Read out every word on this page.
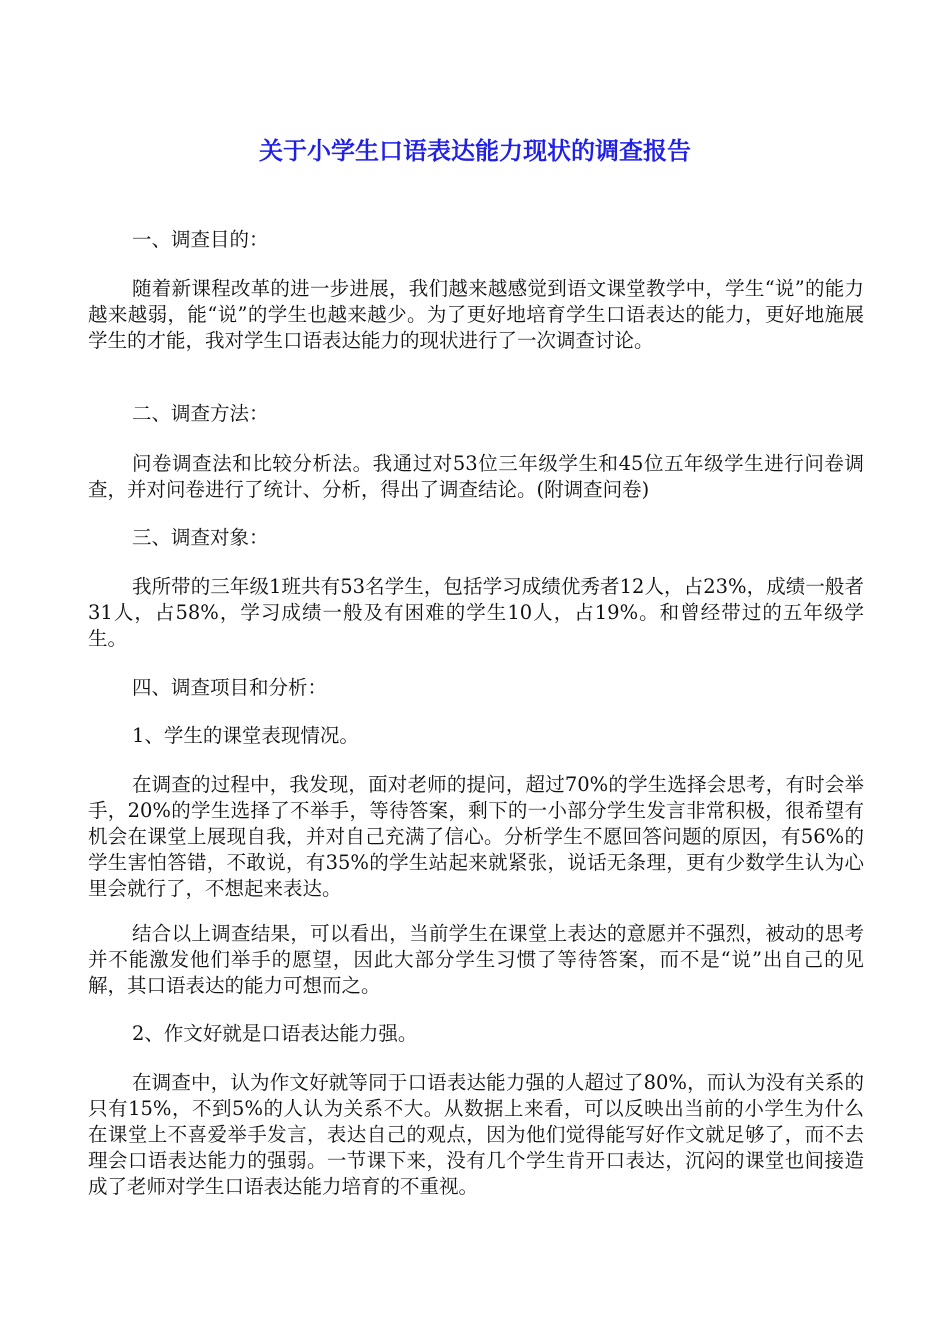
关于小学生口语表达能力现状的调查报告

一、调查目的：

随着新课程改革的进一步进展，我们越来越感觉到语文课堂教学中，学生“说”的能力越来越弱，能“说”的学生也越来越少。为了更好地培育学生口语表达的能力，更好地施展学生的才能，我对学生口语表达能力的现状进行了一次调查讨论。

二、调查方法：

问卷调查法和比较分析法。我通过对53位三年级学生和45位五年级学生进行问卷调查，并对问卷进行了统计、分析，得出了调查结论。(附调查问卷)

三、调查对象：

我所带的三年级1班共有53名学生，包括学习成绩优秀者12人，占23%，成绩一般者31人，占58%，学习成绩一般及有困难的学生10人，占19%。和曾经带过的五年级学生。

四、调查项目和分析：

1、学生的课堂表现情况。

在调查的过程中，我发现，面对老师的提问，超过70%的学生选择会思考，有时会举手，20%的学生选择了不举手，等待答案，剩下的一小部分学生发言非常积极，很希望有机会在课堂上展现自我，并对自己充满了信心。分析学生不愿回答问题的原因，有56%的学生害怕答错，不敢说，有35%的学生站起来就紧张，说话无条理，更有少数学生认为心里会就行了，不想起来表达。

结合以上调查结果，可以看出，当前学生在课堂上表达的意愿并不强烈，被动的思考并不能激发他们举手的愿望，因此大部分学生习惯了等待答案，而不是“说”出自己的见解，其口语表达的能力可想而之。

2、作文好就是口语表达能力强。

在调查中，认为作文好就等同于口语表达能力强的人超过了80%，而认为没有关系的只有15%，不到5%的人认为关系不大。从数据上来看，可以反映出当前的小学生为什么在课堂上不喜爱举手发言，表达自己的观点，因为他们觉得能写好作文就足够了，而不去理会口语表达能力的强弱。一节课下来，没有几个学生肯开口表达，沉闷的课堂也间接造成了老师对学生口语表达能力培育的不重视。
